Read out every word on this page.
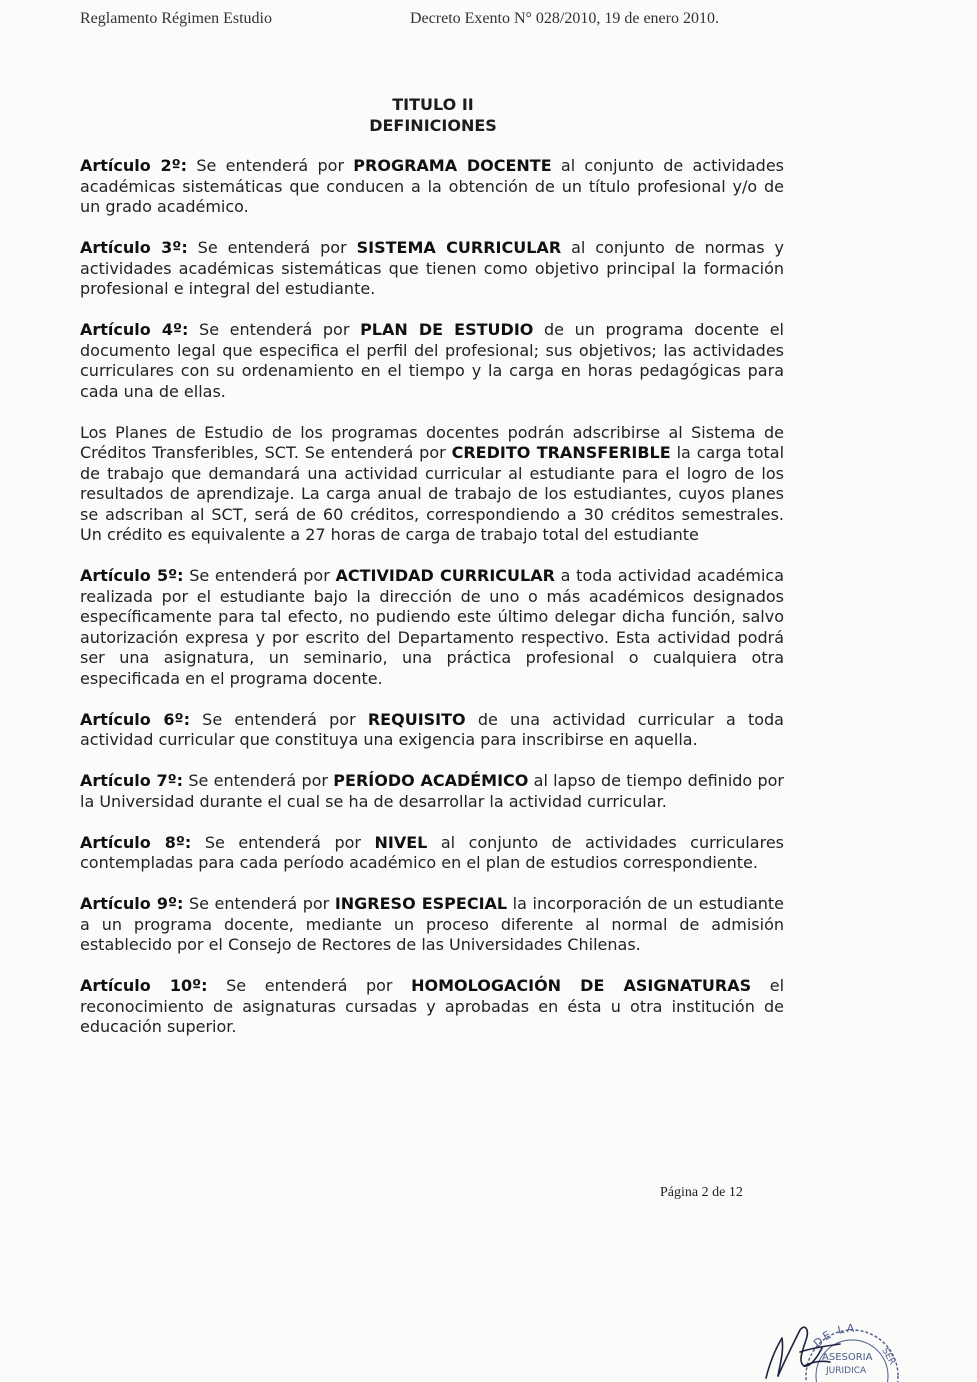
Reglamento Régimen Estudio	Decreto Exento N° 028/2010, 19 de enero 2010.
TITULO II
DEFINICIONES

Artículo 2º: Se entenderá por PROGRAMA DOCENTE al conjunto de actividades académicas sistemáticas que conducen a la obtención de un título profesional y/o de un grado académico.

Artículo 3º: Se entenderá por SISTEMA CURRICULAR al conjunto de normas y actividades académicas sistemáticas que tienen como objetivo principal la formación profesional e integral del estudiante.

Artículo 4º: Se entenderá por PLAN DE ESTUDIO de un programa docente el documento legal que especifica el perfil del profesional; sus objetivos; las actividades curriculares con su ordenamiento en el tiempo y la carga en horas pedagógicas para cada una de ellas.

Los Planes de Estudio de los programas docentes podrán adscribirse al Sistema de Créditos Transferibles, SCT. Se entenderá por CREDITO TRANSFERIBLE la carga total de trabajo que demandará una actividad curricular al estudiante para el logro de los resultados de aprendizaje. La carga anual de trabajo de los estudiantes, cuyos planes se adscriban al SCT, será de 60 créditos, correspondiendo a 30 créditos semestrales. Un crédito es equivalente a 27 horas de carga de trabajo total del estudiante

Artículo 5º: Se entenderá por ACTIVIDAD CURRICULAR a toda actividad académica realizada por el estudiante bajo la dirección de uno o más académicos designados específicamente para tal efecto, no pudiendo este último delegar dicha función, salvo autorización expresa y por escrito del Departamento respectivo. Esta actividad podrá ser una asignatura, un seminario, una práctica profesional o cualquiera otra especificada en el programa docente.

Artículo 6º: Se entenderá por REQUISITO de una actividad curricular a toda actividad curricular que constituya una exigencia para inscribirse en aquella.

Artículo 7º: Se entenderá por PERÍODO ACADÉMICO al lapso de tiempo definido por la Universidad durante el cual se ha de desarrollar la actividad curricular.

Artículo 8º: Se entenderá por NIVEL al conjunto de actividades curriculares contempladas para cada período académico en el plan de estudios correspondiente.

Artículo 9º: Se entenderá por INGRESO ESPECIAL la incorporación de un estudiante a un programa docente, mediante un proceso diferente al normal de admisión establecido por el Consejo de Rectores de las Universidades Chilenas.

Artículo 10º: Se entenderá por HOMOLOGACIÓN DE ASIGNATURAS el reconocimiento de asignaturas cursadas y aprobadas en ésta u otra institución de educación superior.

Página 2 de 12
DE LA
SER
ASESORIA
JURIDICA
